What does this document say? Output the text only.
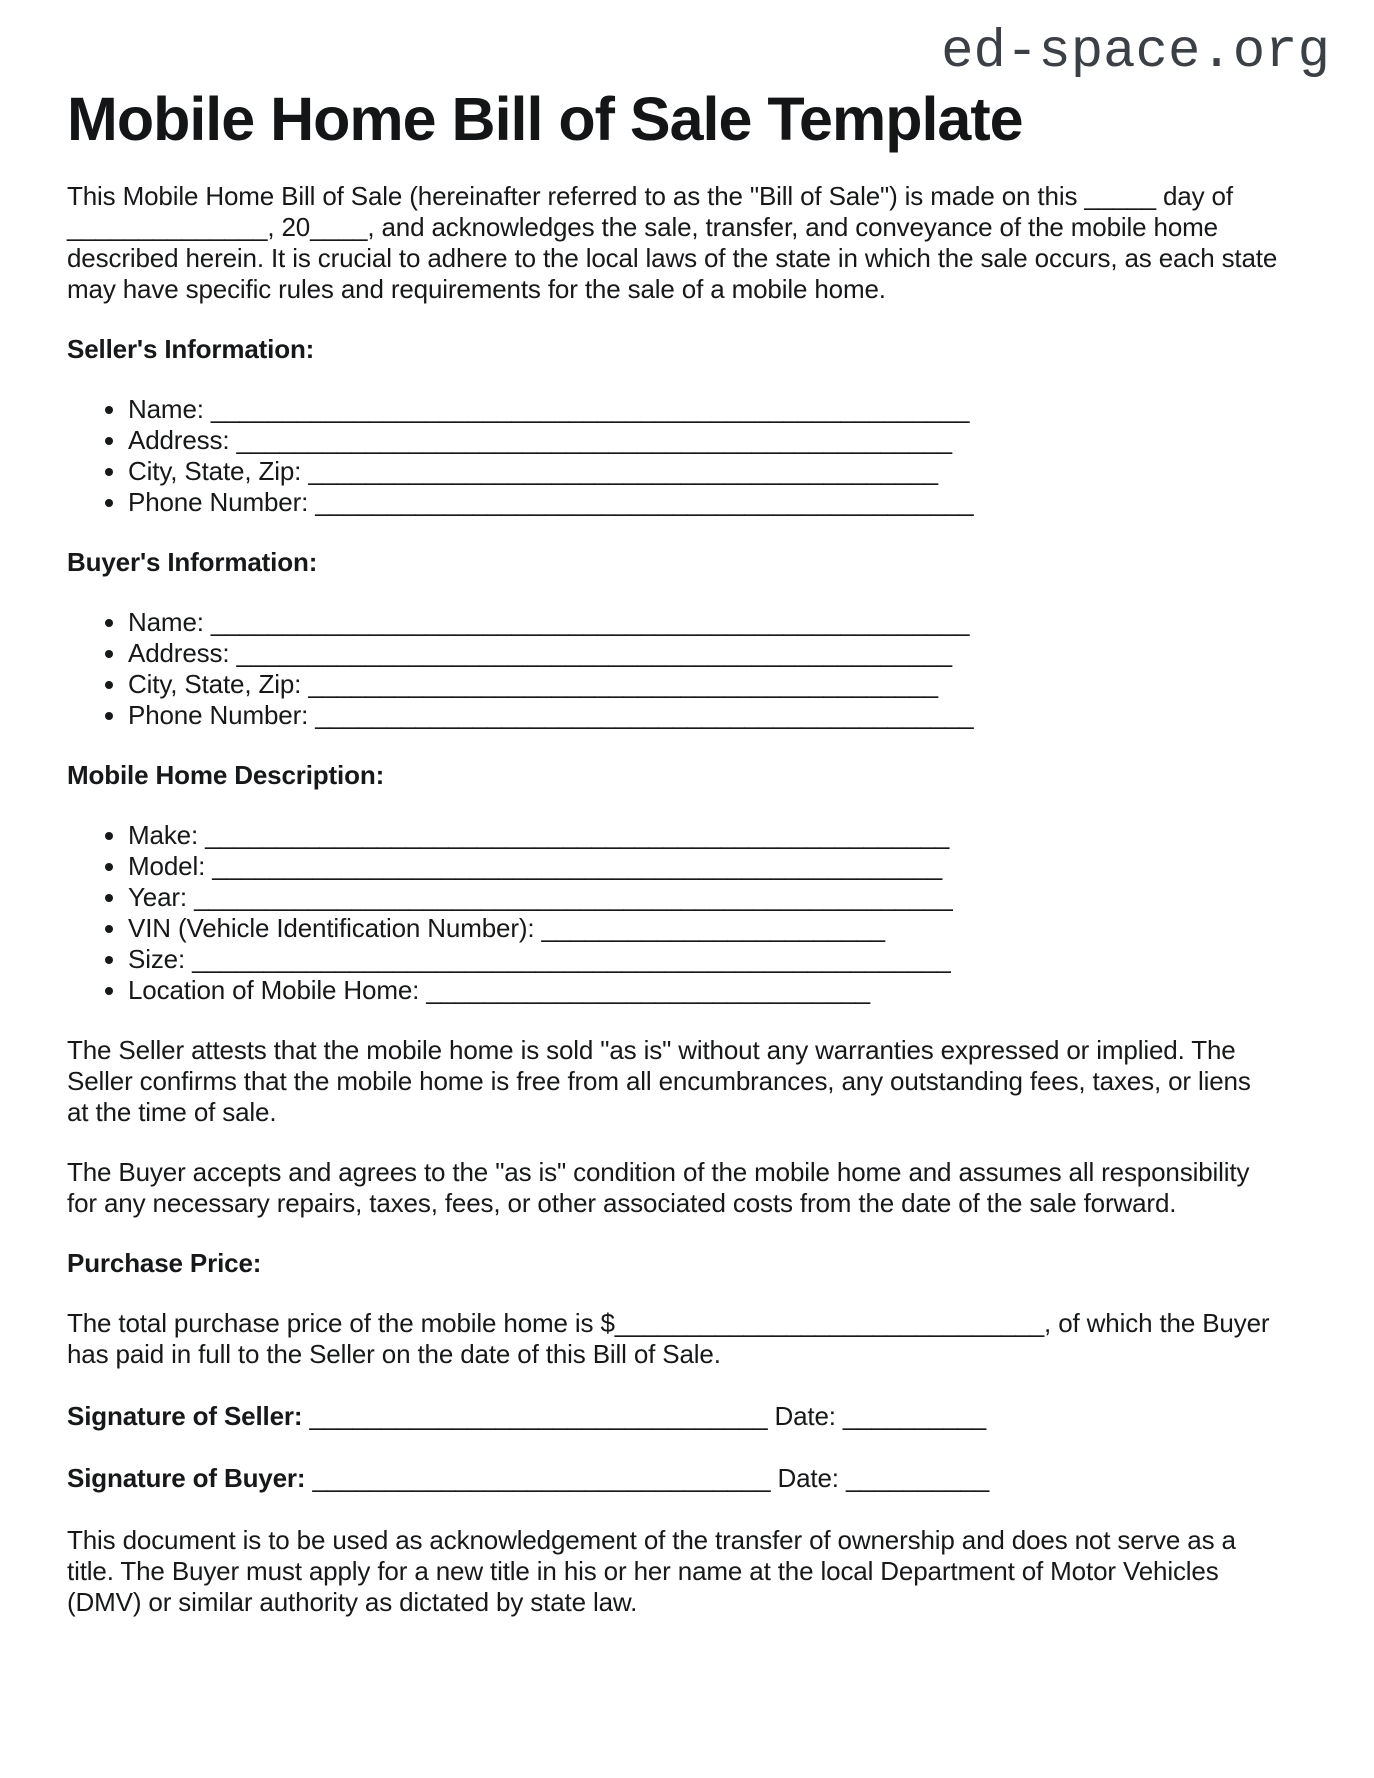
ed-space.org
Mobile Home Bill of Sale Template

This Mobile Home Bill of Sale (hereinafter referred to as the "Bill of Sale") is made on this _____ day of ______________, 20____, and acknowledges the sale, transfer, and conveyance of the mobile home described herein. It is crucial to adhere to the local laws of the state in which the sale occurs, as each state may have specific rules and requirements for the sale of a mobile home.

Seller's Information:
• Name: _____________________________________________________
• Address: __________________________________________________
• City, State, Zip: ____________________________________________
• Phone Number: ______________________________________________
Buyer's Information:
• Name: _____________________________________________________
• Address: __________________________________________________
• City, State, Zip: ____________________________________________
• Phone Number: ______________________________________________
Mobile Home Description:
• Make: ____________________________________________________
• Model: ___________________________________________________
• Year: _____________________________________________________
• VIN (Vehicle Identification Number): ________________________
• Size: _____________________________________________________
• Location of Mobile Home: _______________________________

The Seller attests that the mobile home is sold "as is" without any warranties expressed or implied. The Seller confirms that the mobile home is free from all encumbrances, any outstanding fees, taxes, or liens at the time of sale.

The Buyer accepts and agrees to the "as is" condition of the mobile home and assumes all responsibility for any necessary repairs, taxes, fees, or other associated costs from the date of the sale forward.

Purchase Price:

The total purchase price of the mobile home is $______________________________, of which the Buyer has paid in full to the Seller on the date of this Bill of Sale.

Signature of Seller: ________________________________ Date: __________
Signature of Buyer: ________________________________ Date: __________

This document is to be used as acknowledgement of the transfer of ownership and does not serve as a title. The Buyer must apply for a new title in his or her name at the local Department of Motor Vehicles (DMV) or similar authority as dictated by state law.
